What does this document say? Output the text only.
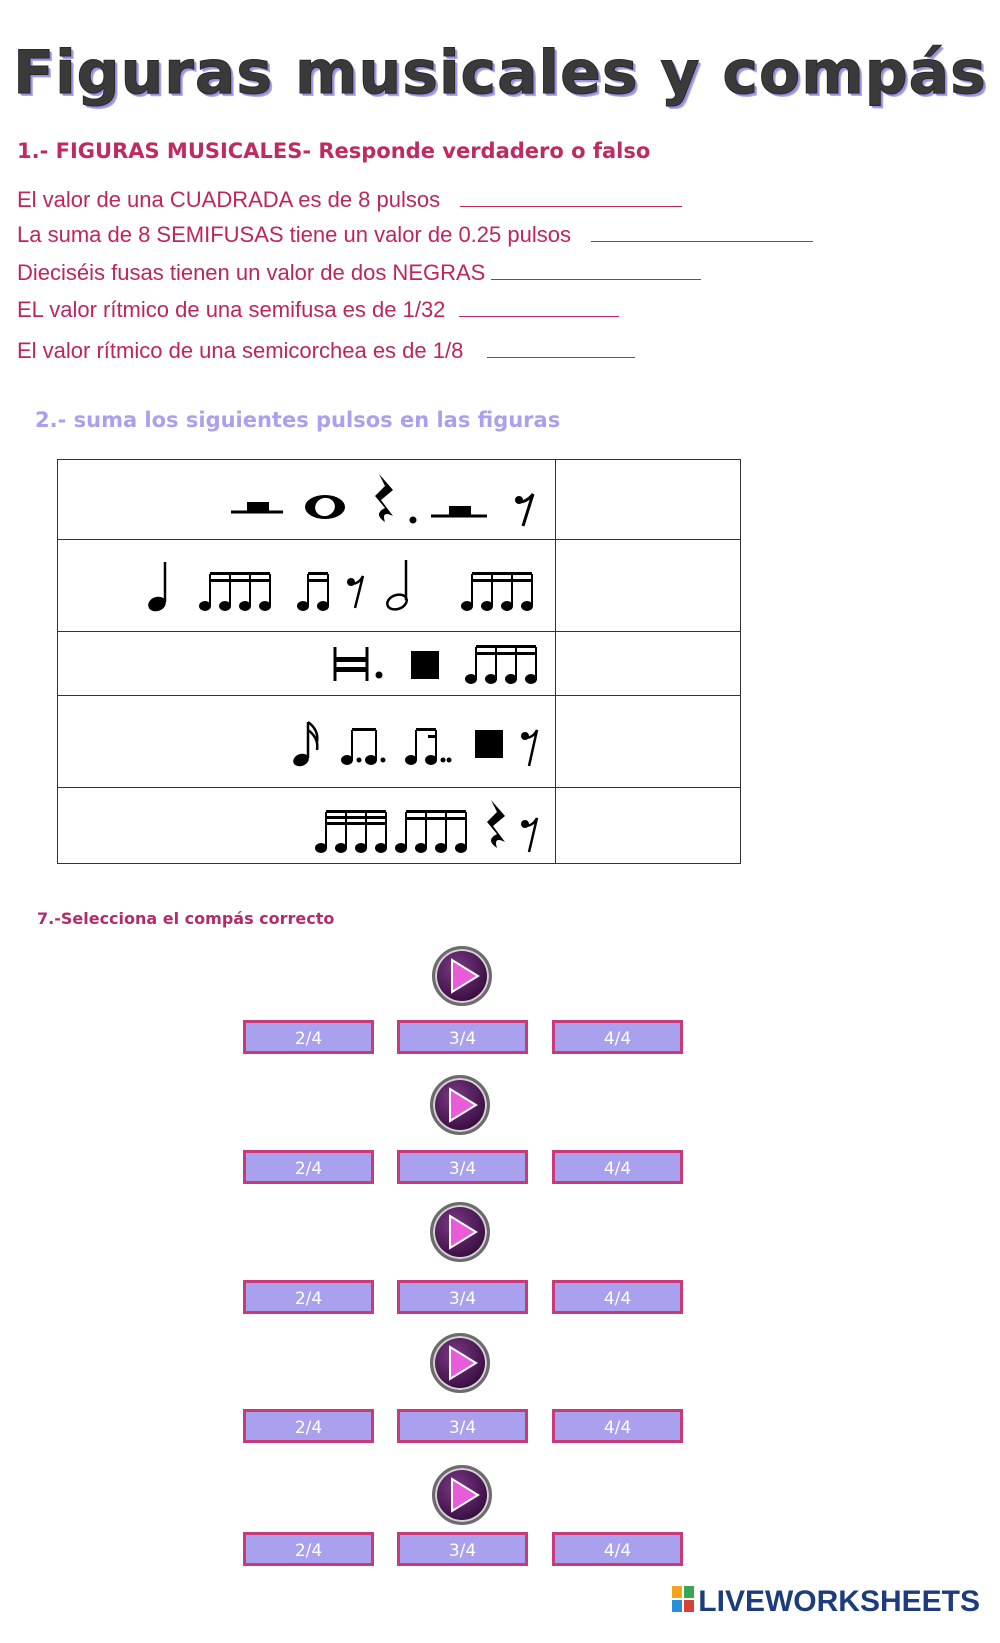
Figuras musicales y compás
1.- FIGURAS MUSICALES- Responde verdadero o falso
El valor de una CUADRADA es de 8 pulsos
La suma de 8 SEMIFUSAS tiene un valor de 0.25 pulsos
Dieciséis fusas tienen un valor de dos NEGRAS
EL valor rítmico de una semifusa es de 1/32
El valor rítmico de una semicorchea es de 1/8
2.- suma los siguientes pulsos en las figuras

7.-Selecciona el compás correcto
2/4	3/4	4/4
2/4	3/4	4/4
2/4	3/4	4/4
2/4	3/4	4/4
2/4	3/4	4/4
LIVEWORKSHEETS
